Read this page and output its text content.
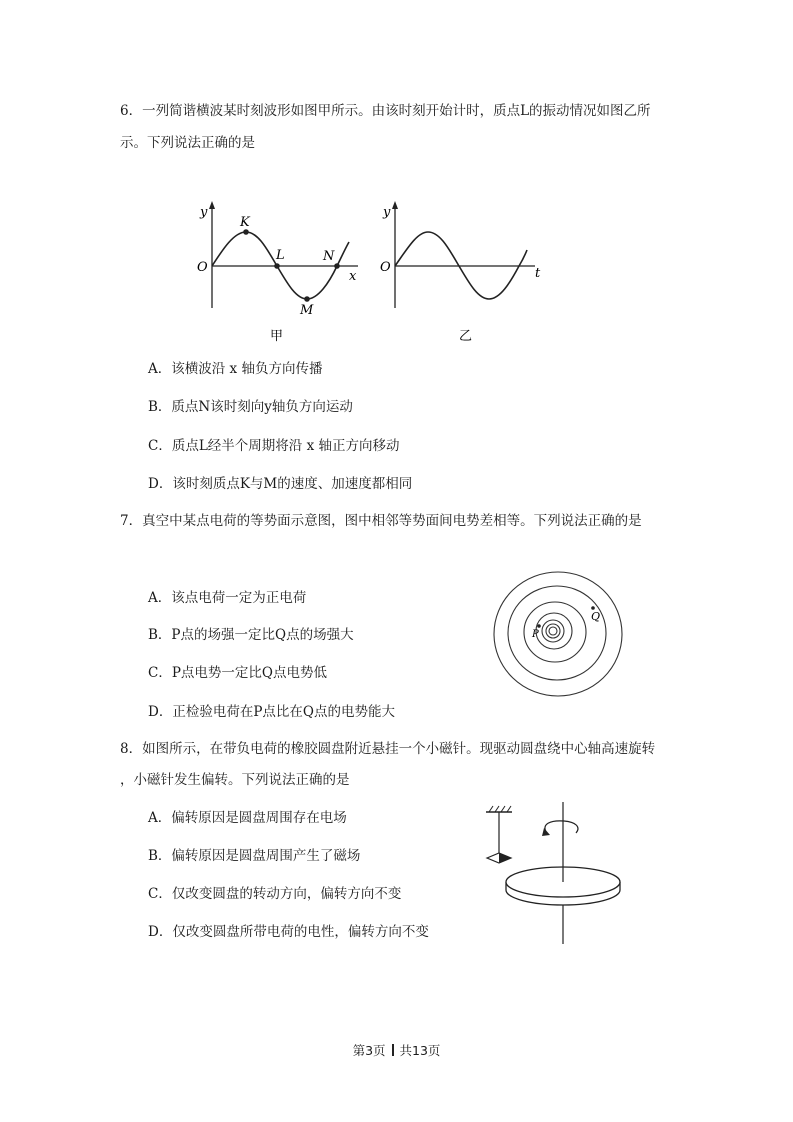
6．一列简谐横波某时刻波形如图甲所示。由该时刻开始计时，质点L的振动情况如图乙所
示。下列说法正确的是
y
K
L	N
O
x
M
甲
y
O	t
乙
A．该横波沿 x 轴负方向传播
B．质点N该时刻向y轴负方向运动
C．质点L经半个周期将沿 x 轴正方向移动
D．该时刻质点K与M的速度、加速度都相同
7．真空中某点电荷的等势面示意图，图中相邻等势面间电势差相等。下列说法正确的是
P
Q
A．该点电荷一定为正电荷
B．P点的场强一定比Q点的场强大
C．P点电势一定比Q点电势低
D．正检验电荷在P点比在Q点的电势能大
8．如图所示，在带负电荷的橡胶圆盘附近悬挂一个小磁针。现驱动圆盘绕中心轴高速旋转
，小磁针发生偏转。下列说法正确的是
A．偏转原因是圆盘周围存在电场
B．偏转原因是圆盘周围产生了磁场
C．仅改变圆盘的转动方向，偏转方向不变
D．仅改变圆盘所带电荷的电性，偏转方向不变
第3页 共13页
